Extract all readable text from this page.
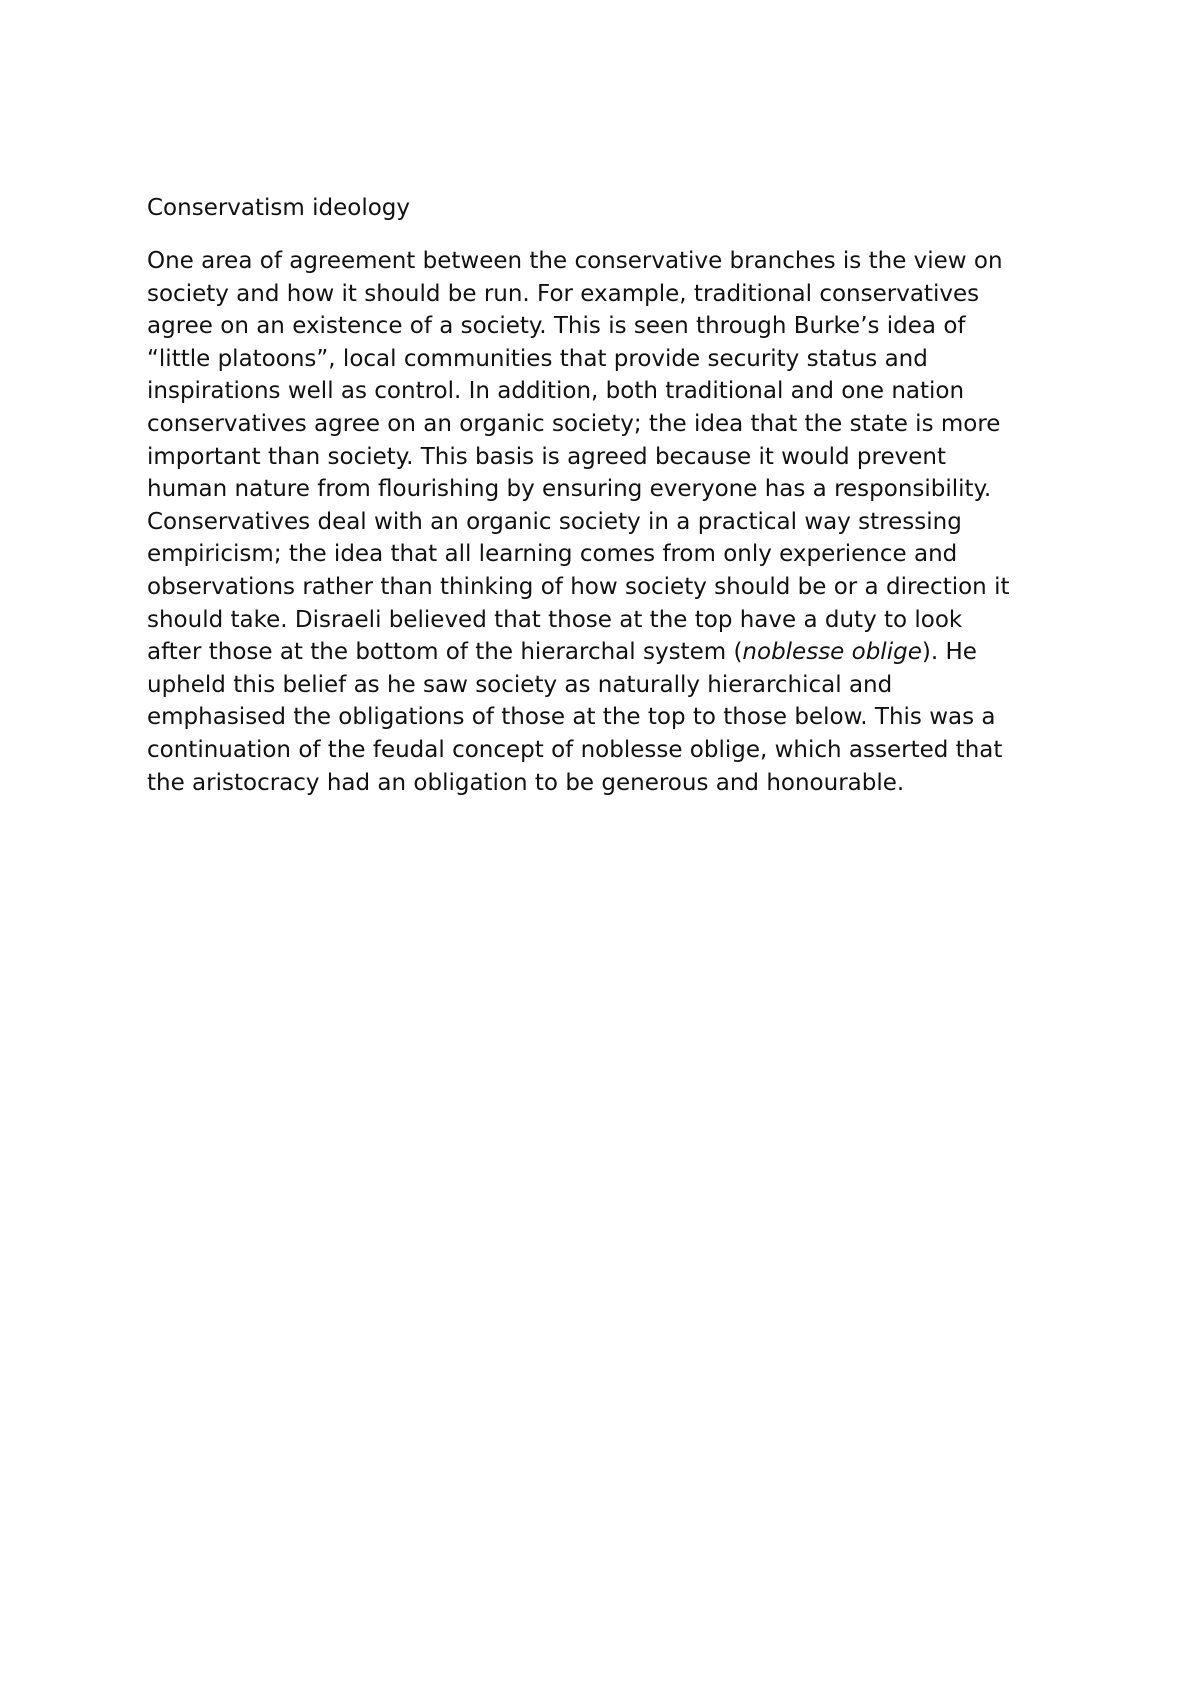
Conservatism ideology

One area of agreement between the conservative branches is the view on
society and how it should be run. For example, traditional conservatives
agree on an existence of a society. This is seen through Burke’s idea of
“little platoons”, local communities that provide security status and
inspirations well as control. In addition, both traditional and one nation
conservatives agree on an organic society; the idea that the state is more
important than society. This basis is agreed because it would prevent
human nature from flourishing by ensuring everyone has a responsibility.
Conservatives deal with an organic society in a practical way stressing
empiricism; the idea that all learning comes from only experience and
observations rather than thinking of how society should be or a direction it
should take. Disraeli believed that those at the top have a duty to look
after those at the bottom of the hierarchal system (noblesse oblige). He
upheld this belief as he saw society as naturally hierarchical and
emphasised the obligations of those at the top to those below. This was a
continuation of the feudal concept of noblesse oblige, which asserted that
the aristocracy had an obligation to be generous and honourable.
